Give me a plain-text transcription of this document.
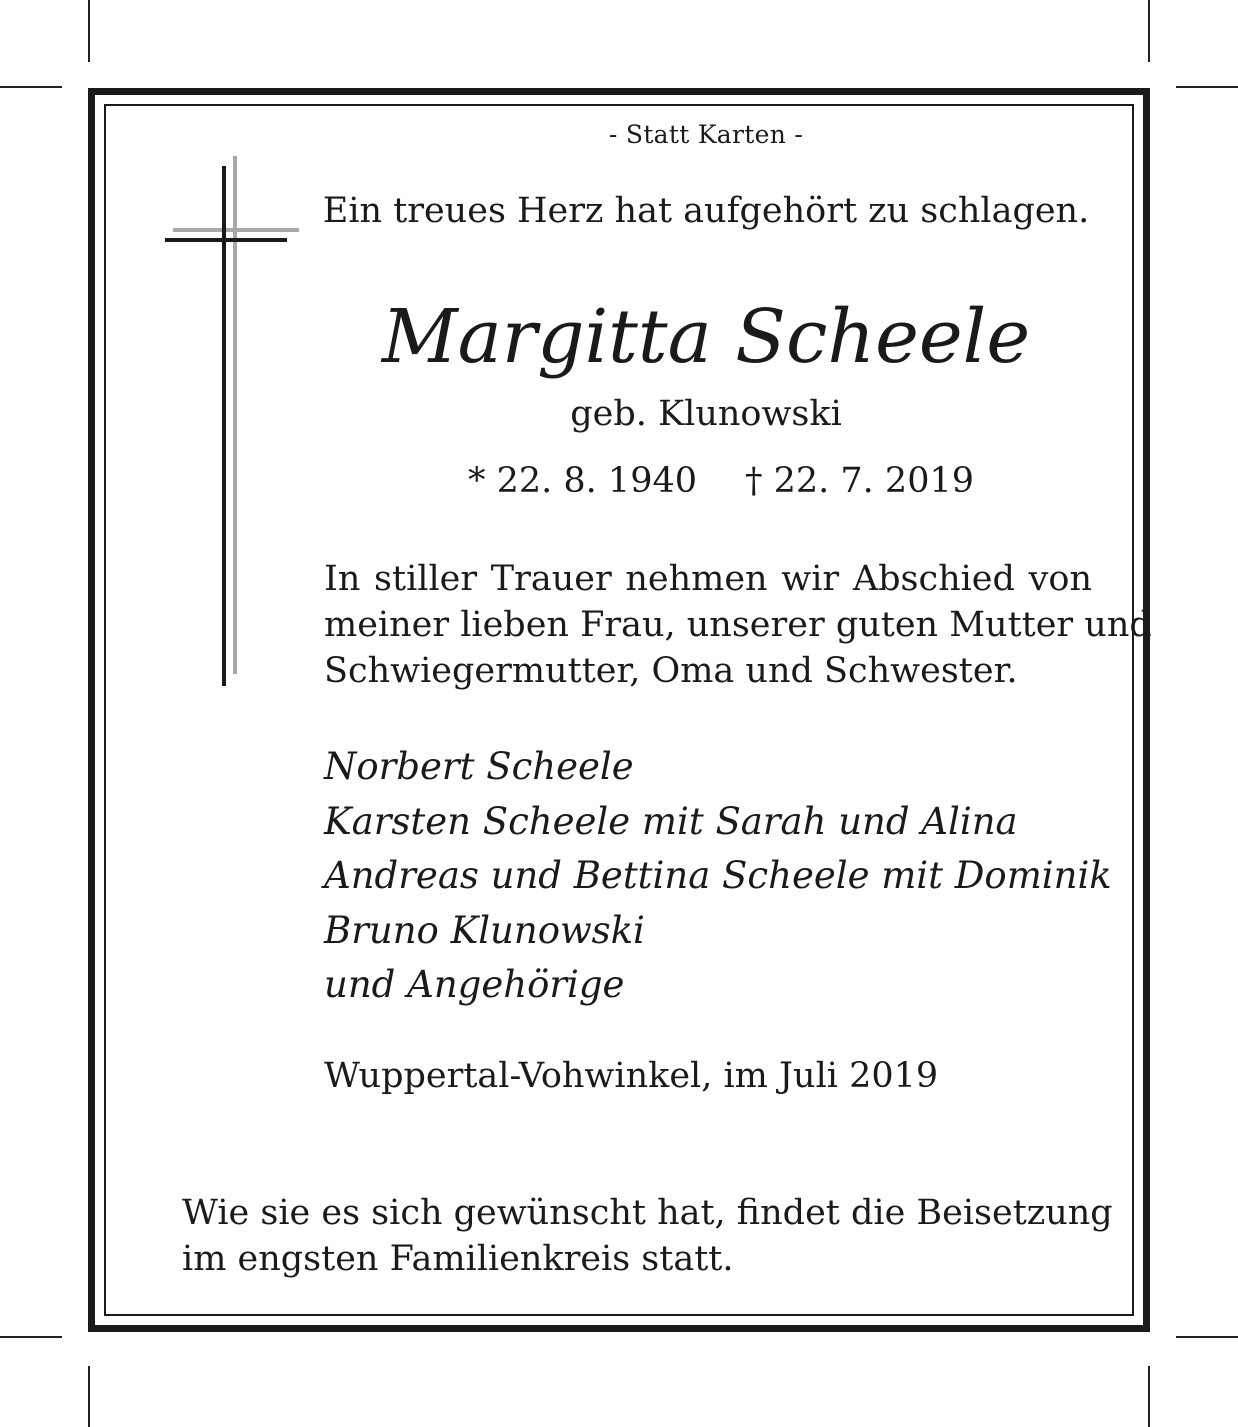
- Statt Karten -
Ein treues Herz hat aufgehört zu schlagen.
Margitta Scheele
geb. Klunowski
* 22. 8. 1940 † 22. 7. 2019
In stiller Trauer nehmen wir Abschied von
meiner lieben Frau, unserer guten Mutter und
Schwiegermutter, Oma und Schwester.
Norbert Scheele
Karsten Scheele mit Sarah und Alina
Andreas und Bettina Scheele mit Dominik
Bruno Klunowski
und Angehörige
Wuppertal-Vohwinkel, im Juli 2019
Wie sie es sich gewünscht hat, findet die Beisetzung
im engsten Familienkreis statt.
